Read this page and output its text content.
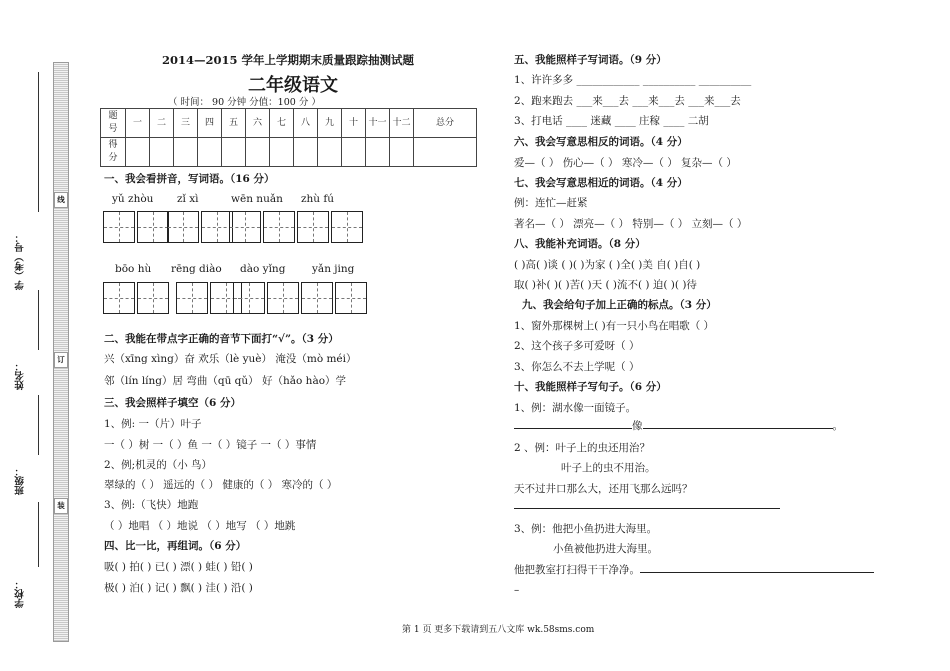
线
订
装
学（考）号：
姓名：
班级：
学校：
2014—2015 学年上学期期末质量跟踪抽测试题
二年级语文
（ 时间： 90 分钟 分值：100 分 ）
题
号	一	二	三	四	五	六	七	八	九	十	十一	十二	总分
得
分													
一、我会看拼音，写词语。（16 分）
yǔ zhòu zǐ xì	wēn nuǎn zhù fú
bōo hù rēng diào dào yǐng	yǎn jing
二、我能在带点字正确的音节下面打“√”。（3 分）
兴（xīng xìng）奋 欢乐（lè yuè） 淹没（mò méi）
邻（lín líng）居 弯曲（qū qǔ） 好（hǎo hào）学
三、我会照样子填空（6 分）
1、例: 一（片）叶子
一（ ）树 一（ ）鱼 一（ ）镜子 一（ ）事情
2、例;机灵的（小 鸟）
翠绿的（ ） 遥远的（ ） 健康的（ ） 寒冷的（ ）
3、例:（飞快）地跑
（ ）地唱 （ ）地说 （ ）地写 （ ）地跳
四、比一比，再组词。（6 分）
吸( ) 拍( ) 已( ) 漂( ) 蛙( ) 铅( )
极( ) 泊( ) 记( ) 飘( ) 洼( ) 沿( )
五、我能照样子写词语。（9 分）
1、许许多多 ____________ __________ __________
2、跑来跑去 ___来___去 ___来___去 ___来___去
3、打电话 ____ 迷藏 ____ 庄稼 ____ 二胡
六、我会写意思相反的词语。（4 分）
爱—（ ） 伤心—（ ） 寒冷—（ ） 复杂—（ ）
七、我会写意思相近的词语。（4 分）
例：连忙—赶紧
著名—（ ） 漂亮—（ ） 特别—（ ） 立刻—（ ）
八、我能补充词语。（8 分）
( )高( )谈 ( )( )为家 ( )全( )美 自( )自( )
取( )补( )( )苦( )天 ( )流不( ) 迫( )( )待
九、我会给句子加上正确的标点。（3 分）
1、窗外那棵树上( )有一只小鸟在唱歌（ ）
2、这个孩子多可爱呀（ ）
3、你怎么不去上学呢（ ）
十、我能照样子写句子。（6 分）
1、例：湖水像一面镜子。
像	。
2 、例：叶子上的虫还用治？
叶子上的虫不用治。
天不过井口那么大，还用飞那么远吗？
3、例：他把小鱼扔进大海里。
小鱼被他扔进大海里。
他把教室打扫得干干净净。
–
第 1 页 更多下载请到五八文库 wk.58sms.com
